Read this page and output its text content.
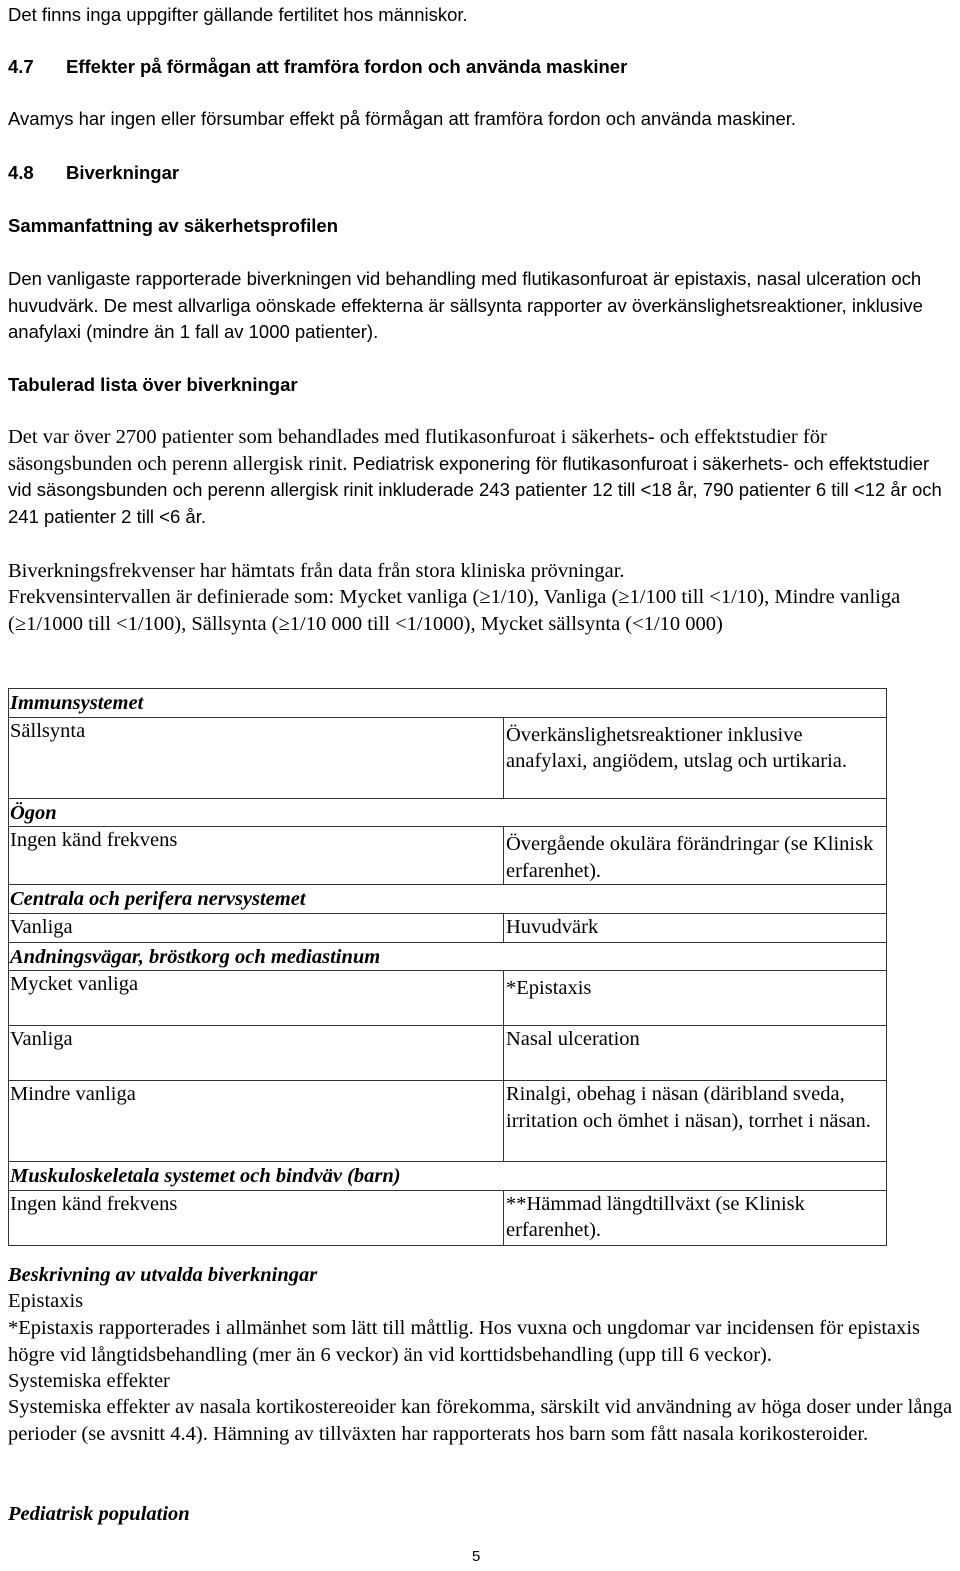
Det finns inga uppgifter gällande fertilitet hos människor.

4.7 Effekter på förmågan att framföra fordon och använda maskiner

Avamys har ingen eller försumbar effekt på förmågan att framföra fordon och använda maskiner.

4.8 Biverkningar

Sammanfattning av säkerhetsprofilen

Den vanligaste rapporterade biverkningen vid behandling med flutikasonfuroat är epistaxis, nasal ulceration och huvudvärk. De mest allvarliga oönskade effekterna är sällsynta rapporter av överkänslighetsreaktioner, inklusive anafylaxi (mindre än 1 fall av 1000 patienter).

Tabulerad lista över biverkningar

Det var över 2700 patienter som behandlades med flutikasonfuroat i säkerhets- och effektstudier för säsongsbunden och perenn allergisk rinit. Pediatrisk exponering för flutikasonfuroat i säkerhets- och effektstudier vid säsongsbunden och perenn allergisk rinit inkluderade 243 patienter 12 till <18 år, 790 patienter 6 till <12 år och 241 patienter 2 till <6 år.

Biverkningsfrekvenser har hämtats från data från stora kliniska prövningar.

Frekvensintervallen är definierade som: Mycket vanliga (≥1/10), Vanliga (≥1/100 till <1/10), Mindre vanliga (≥1/1000 till <1/100), Sällsynta (≥1/10 000 till <1/1000), Mycket sällsynta (<1/10 000)

Immunsystemet	
Sällsynta	Överkänslighetsreaktioner inklusive anafylaxi, angiödem, utslag och urtikaria.
Ögon	
Ingen känd frekvens	Övergående okulära förändringar (se Klinisk erfarenhet).
Centrala och perifera nervsystemet	
Vanliga	Huvudvärk
Andningsvägar, bröstkorg och mediastinum	
Mycket vanliga	*Epistaxis
Vanliga	Nasal ulceration
Mindre vanliga	Rinalgi, obehag i näsan (däribland sveda, irritation och ömhet i näsan), torrhet i näsan.
Muskuloskeletala systemet och bindväv (barn)	
Ingen känd frekvens	**Hämmad längdtillväxt (se Klinisk erfarenhet).

Beskrivning av utvalda biverkningar

Epistaxis

*Epistaxis rapporterades i allmänhet som lätt till måttlig. Hos vuxna och ungdomar var incidensen för epistaxis högre vid långtidsbehandling (mer än 6 veckor) än vid korttidsbehandling (upp till 6 veckor).

Systemiska effekter

Systemiska effekter av nasala kortikostereoider kan förekomma, särskilt vid användning av höga doser under långa perioder (se avsnitt 4.4). Hämning av tillväxten har rapporterats hos barn som fått nasala korikosteroider.

Pediatrisk population

5
